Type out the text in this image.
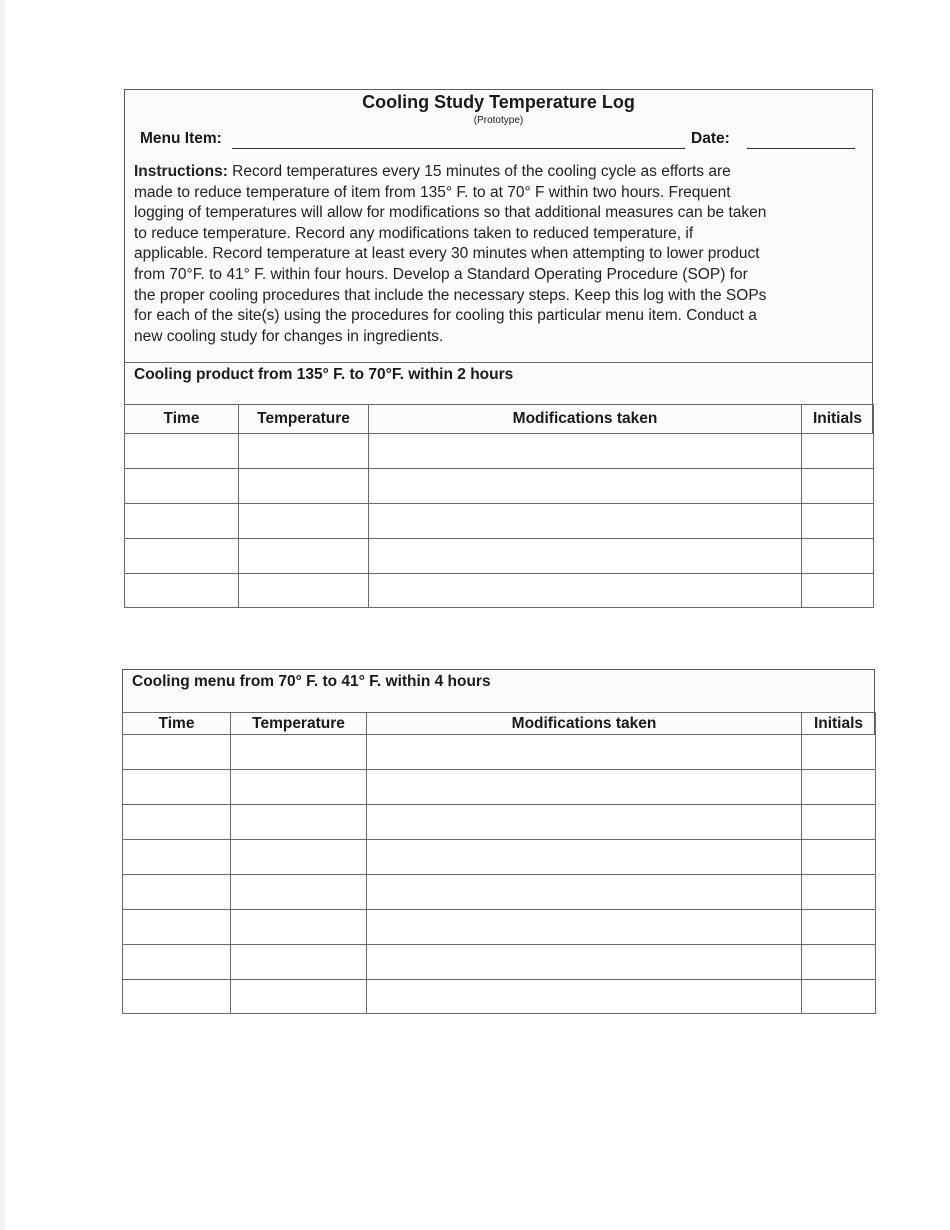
Cooling Study Temperature Log
(Prototype)
Menu Item:	Date:
Instructions: Record temperatures every 15 minutes of the cooling cycle as efforts are
made to reduce temperature of item from 135° F. to at 70° F within two hours. Frequent
logging of temperatures will allow for modifications so that additional measures can be taken
to reduce temperature. Record any modifications taken to reduced temperature, if
applicable. Record temperature at least every 30 minutes when attempting to lower product
from 70°F. to 41° F. within four hours. Develop a Standard Operating Procedure (SOP) for
the proper cooling procedures that include the necessary steps. Keep this log with the SOPs
for each of the site(s) using the procedures for cooling this particular menu item. Conduct a
new cooling study for changes in ingredients.
Cooling product from 135° F. to 70°F. within 2 hours
Time	Temperature	Modifications taken	Initials

Cooling menu from 70° F. to 41° F. within 4 hours
Time	Temperature	Modifications taken	Initials
